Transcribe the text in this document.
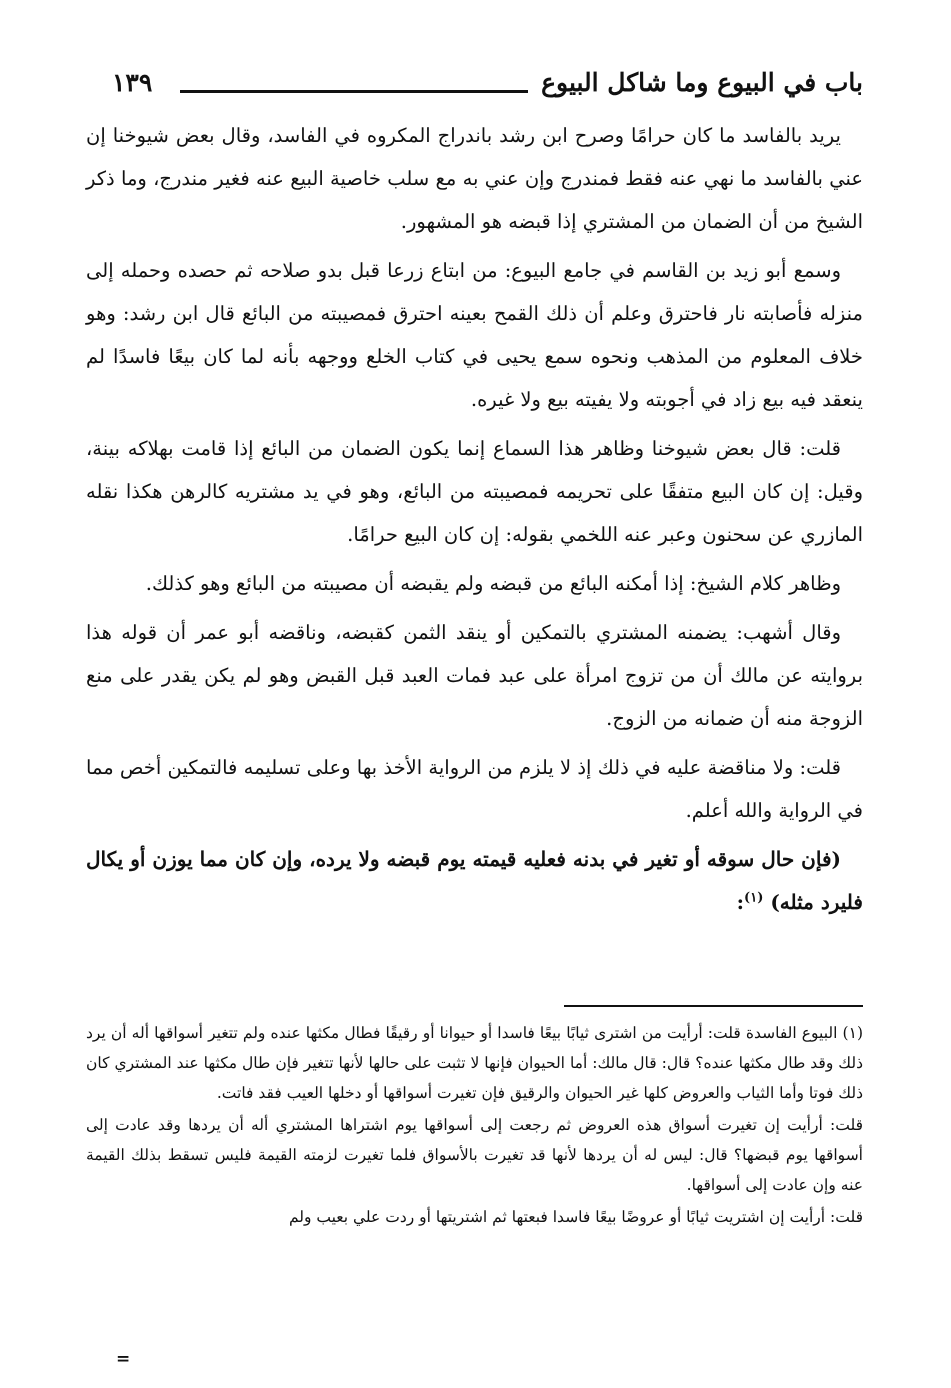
باب في البيوع وما شاكل البيوع
١٣٩

يريد بالفاسد ما كان حرامًا وصرح ابن رشد باندراج المكروه في الفاسد، وقال بعض شيوخنا إن عني بالفاسد ما نهي عنه فقط فمندرج وإن عني به مع سلب خاصية البيع عنه فغير مندرج، وما ذكر الشيخ من أن الضمان من المشتري إذا قبضه هو المشهور.

وسمع أبو زيد بن القاسم في جامع البيوع: من ابتاع زرعا قبل بدو صلاحه ثم حصده وحمله إلى منزله فأصابته نار فاحترق وعلم أن ذلك القمح بعينه احترق فمصيبته من البائع قال ابن رشد: وهو خلاف المعلوم من المذهب ونحوه سمع يحيى في كتاب الخلع ووجهه بأنه لما كان بيعًا فاسدًا لم ينعقد فيه بيع زاد في أجوبته ولا يفيته بيع ولا غيره.

قلت: قال بعض شيوخنا وظاهر هذا السماع إنما يكون الضمان من البائع إذا قامت بهلاكه بينة، وقيل: إن كان البيع متفقًا على تحريمه فمصيبته من البائع، وهو في يد مشتريه كالرهن هكذا نقله المازري عن سحنون وعبر عنه اللخمي بقوله: إن كان البيع حرامًا.

وظاهر كلام الشيخ: إذا أمكنه البائع من قبضه ولم يقبضه أن مصيبته من البائع وهو كذلك.

وقال أشهب: يضمنه المشتري بالتمكين أو ينقد الثمن كقبضه، وناقضه أبو عمر أن قوله هذا بروايته عن مالك أن من تزوج امرأة على عبد فمات العبد قبل القبض وهو لم يكن يقدر على منع الزوجة منه أن ضمانه من الزوج.

قلت: ولا مناقضة عليه في ذلك إذ لا يلزم من الرواية الأخذ بها وعلى تسليمه فالتمكين أخص مما في الرواية والله أعلم.

(فإن حال سوقه أو تغير في بدنه فعليه قيمته يوم قبضه ولا يرده، وإن كان مما يوزن أو يكال فليرد مثله) $^{(١)}$:

(١) البيوع الفاسدة قلت: أرأيت من اشترى ثيابًا بيعًا فاسدا أو حيوانا أو رقيقًا فطال مكثها عنده ولم تتغير أسواقها أله أن يرد ذلك وقد طال مكثها عنده؟ قال: قال مالك: أما الحيوان فإنها لا تثبت على حالها لأنها تتغير فإن طال مكثها عند المشتري كان ذلك فوتا وأما الثياب والعروض كلها غير الحيوان والرقيق فإن تغيرت أسواقها أو دخلها العيب فقد فاتت.

قلت: أرأيت إن تغيرت أسواق هذه العروض ثم رجعت إلى أسواقها يوم اشتراها المشتري أله أن يردها وقد عادت إلى أسواقها يوم قبضها؟ قال: ليس له أن يردها لأنها قد تغيرت بالأسواق فلما تغيرت لزمته القيمة فليس تسقط بذلك القيمة عنه وإن عادت إلى أسواقها.

قلت: أرأيت إن اشتريت ثيابًا أو عروضًا بيعًا فاسدا فبعتها ثم اشتريتها أو ردت علي بعيب ولم

=
